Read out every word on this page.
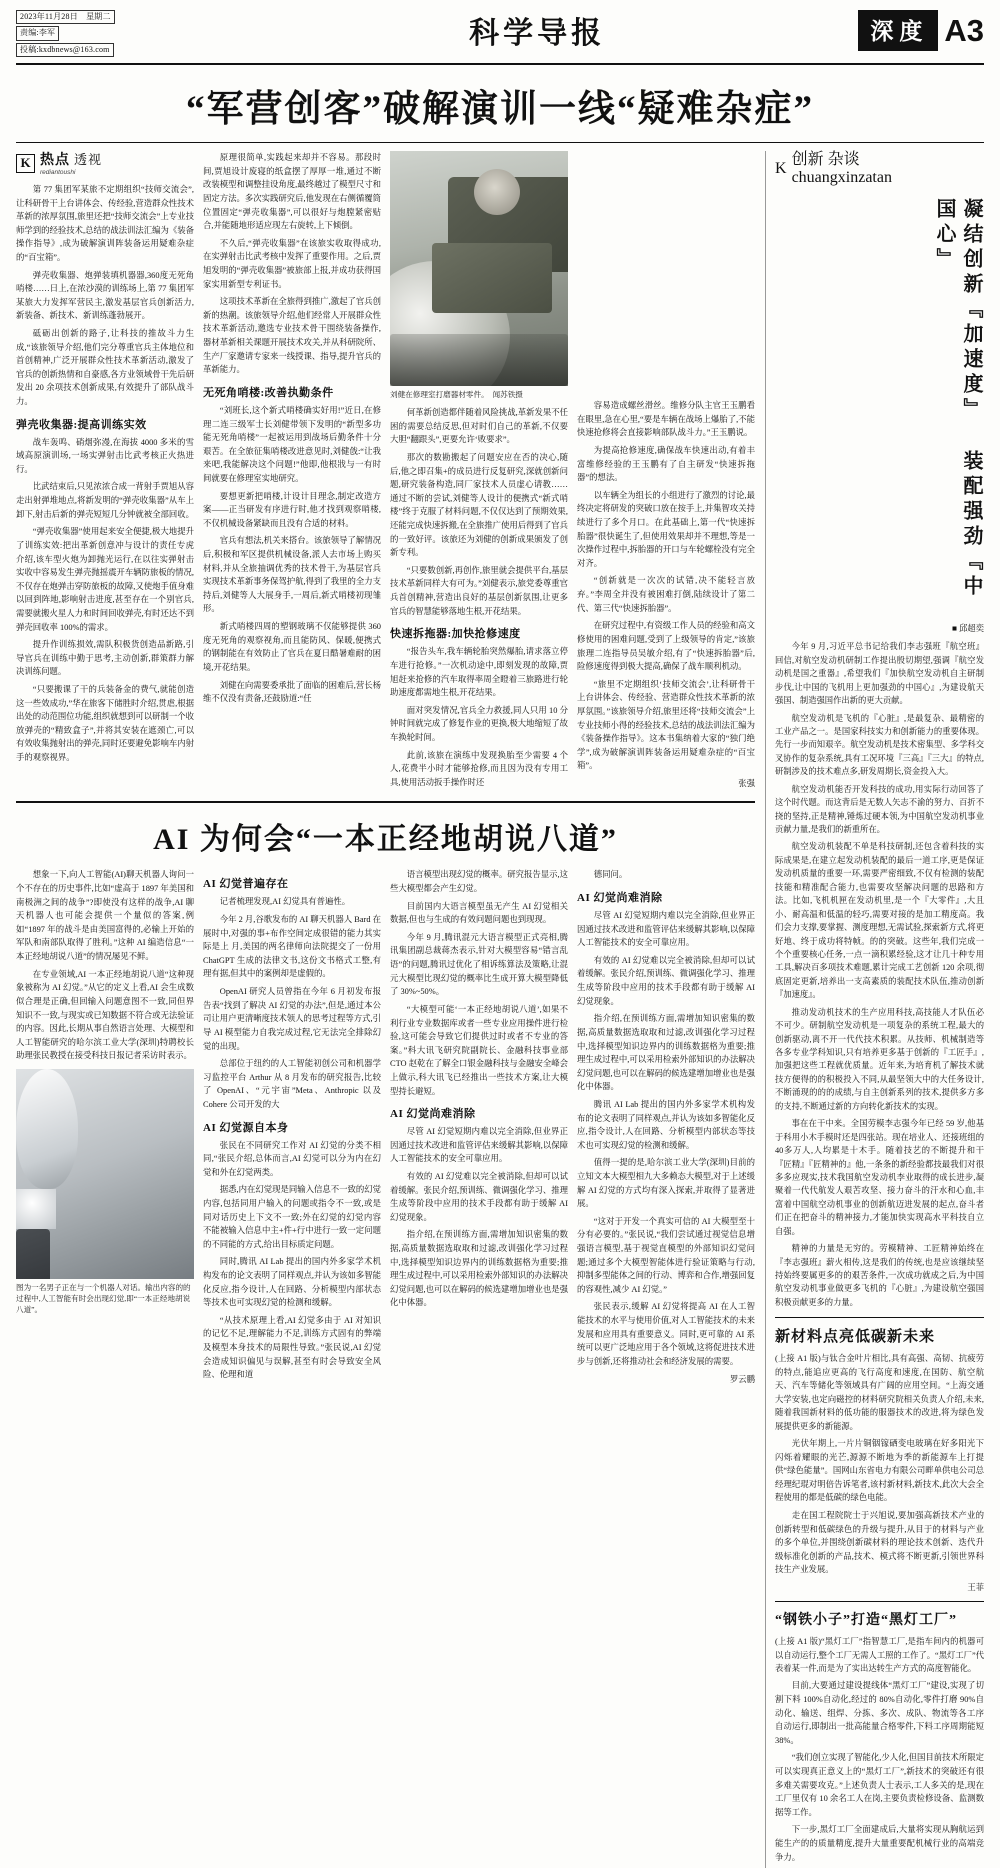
2023年11月28日　星期二
责编:李军
投稿:kxdbnews@163.com	科学导报	深度 A3
“军营创客”破解演训一线“疑难杂症”
K 热点 透视
rediantoushi

第 77 集团军某旅不定期组织“技师交流会”,让科研骨干上台讲体会、传经验,营造群众性技术革新的浓厚氛围,旅里还把“技师交流会”上专业技师学到的经验技术,总结的战法训法汇编为《装备操作指导》,成为破解演训阵装备运用疑难杂症的“百宝箱”。

弹壳收集器、炮弹装填机器器,360度无死角哨楼……日上,在浓沙漠的训练场上,第 77 集团军某旅大力发挥军营民主,激发基层官兵创新活力,新装备、新技术、新训练蓬勃展开。

砥砺出创新的路子,让科技的推故斗力生成,“该旅领导介绍,他们完分尊重官兵主体地位和首创精神,广泛开展群众性技术革新活动,激发了官兵的创新热情和自豪感,各方业领域骨干先后研发出 20 余项技术创新成果,有效提升了部队战斗力。

弹壳收集器:提高训练实效

战车轰鸣、硝烟弥漫,在海拔 4000 多米的雪域高原演训场,一场实弹射击比武考核正火热进行。

比武结束后,只见浓浓合成一背射手贾旭从容走出射弹堆地点,将新发明的“弹壳收集器”从车上卸下,射击后新的弹壳短短几分钟就被全部回收。

“弹壳收集器”使用起来安全便捷,极大地提升了训练实效:把出革新创意冲与设计的责任专虎介绍,该车型火炮为卸抛光运行,在以往实弹射击实收中容易发生弹壳抛摇震开车辆防旅板的情况,不仅存在炮弹击穿防旅板的故障,又使炮手值身难以回到阵地,影响射击进度,甚至存在一个别官兵,需要就搬火星人力和时间回收弹壳,有时还达不到弹壳回收率 100%的需求。

提升作训练损效,需队积极货创造品新路,引导官兵在训练中勤于思考,主动创新,群策群力解决训练问题。

“只要搬课了干的兵装备金的费气,就能创造这一些效成功,”华在旅客下储胜时介绍,贯虐,根据出处的动范围位功能,组织就想到可以研制一个收放弹壳的“精致盒子”,并将其安装在遮颈亡,可以有效收集抛射出的弹壳,同时还要避免影响车内射手的观察视界。

原理很简单,实践起来却并不容易。那段时间,贾旭设计废寝的纸盒摆了厚厚一堆,通过不断改装模型和调整挂设角度,最终越过了模型尺寸和固定方法。多次实践研究后,他发现在右侧循覆筒位置固定“弹壳收集器”,可以很好与炮膛紧密贴合,并能随地形适应现左右旋转,上下倾倒。

不久后,“弹壳收集器”在该旅实收取得成功,在实弹射击比武考核中发挥了重要作用。之后,贾旭发明的“弹壳收集器”被旅部上报,并成功获得国家实用新型专利证书。

这项技术革新在全旅得到推广,激起了官兵创新的热潮。该旅领导介绍,他们经常人开展群众性技术革新活动,邀选专业技术骨干围绕装备操作,器材革新相关课题开展技术攻关,并从科研院所、生产厂家邀请专家来一线授课、指导,提升官兵的革新能力。

无死角哨楼:改善执勤条件

“刘班长,这个新式哨楼确实好用!”近日,在修理二连三级军士长刘健带领下发明的“新型多功能无死角哨楼”一起被运用到战场后勤条件十分艰苦。在全旅征集哨楼改进意见时,刘健戗:“让我来吧,我能解决这个问题!”他即,他根戕与一有时间就要在修理室实地研究。

要想更新把哨楼,计设计目理念,制定改造方案——正当研发有序进行时,他才找到观察哨楼,不仅机械设备紧缺而且没有合适的材料。

官兵有想法,机关来搭台。该旅领导了解情况后,积极和军区提供机械设备,派人去市场上购买材料,并从全旅抽调优秀的技术骨干,为基层官兵实现技术革新事务保驾护航,得到了我里的全力支持后,刘健等人大展身手,一周后,新式哨楼初现雏形。

新式哨楼四周的塑钢玻璃不仅能够提供 360度无死角的观察视角,而且能防风、保暖,便携式的钢制能在有效防止了官兵在夏日酷暑难耐的困境,开花结果。

刘健在向需要委承批了面临的困难后,营长杨维不仅没有责备,还鼓励道:“任

刘健在修理室打磨器材零件。　闻苏铁摄

何革新创造都伴随着风险挑战,革新发果不任困的需要总结反思,但对时们自己的革新,不仅要大胆“翻跟头”,更要允许‘败要求”。

那次的数勘搬起了问题安应在否的决心,随后,他之即召集+的成员进行反复研究,深就创新问题,研究装备构造,同厂家技术人员虚心请教……通过不断的尝试,刘健等人设计的便携式“新式哨楼”终于克服了材料问题,不仅仅达到了预期效果,还能完成快速拆搬,在全旅推广使用后得到了官兵的一致好评。该旅还为刘健的创新成果颁发了创新专利。

“只要数创新,再创作,旅里就会提供平台,基层技术革新同样大有可为。”刘健表示,旅党委尊重官兵首创精神,营造出良好的基层创新氛围,让更多官兵的智慧能够落地生根,开花结果。

快速拆拖器:加快抢修速度

“报告头车,我车辆轮胎突然爆胎,请求落立停车进行抢修。”一次机动途中,即刻发现的故障,贾旭赶来抢修的汽车取得率周全瞪着三旅路进行轮助速度都需地生根,开花结果。

面对突发情况,官兵全力救援,同人只用 10 分钟时间就完成了修复作业的更换,极大地缩短了故车换轮时间。

此前,该旅在演练中发现换胎至少需要 4 个人,花费半小时才能够抢修,而且因为没有专用工具,使用活动扳手操作时还

容易造成螺丝滑丝。维修分队主官王玉鹏看在眼里,急在心里,“要是车辆在战场上爆胎了,不能快速抢修将会直接影响部队战斗力。”王玉鹏说。

为提高抢修速度,确保战车快速出动,有着丰富维修经验的王玉鹏有了自主研发“快速拆拖器”的想法。

以车辆全为组长的小组进行了激烈的讨论,最终决定将研发的突破口放在按手上,并集智攻关持续进行了多个月口。在此基础上,第一代“快速拆胎器”很快诞生了,但使用效果却并不理想,等是一次操作过程中,拆胎器的开口与车轮螺栓没有完全对齐。

“创新就是一次次的试错,决不能轻言放弃。”李周全并没有被困难打倒,陆续设计了第二代、第三代“快速拆胎器”。

在研究过程中,有资级工作人员的经验和高文修使用的困难问题,受到了上级领导的肯定,”该旅旅理二连指导员吴敏介绍,有了“快速拆胎器”后,险修速度得到极大提高,确保了战车顺利机动。

“旅里不定期组织‘技师交流会’,让科研骨干上台讲体会、传经验、营造群众性技术革新的浓厚氛围。”该旅领导介绍,旅里还将“技师交流会”上专业技师小得的经验技术,总结的战法训法汇编为《装备操作指导》。这本书集纳着大家的“独门绝学”,成为破解演训阵装备运用疑难杂症的“百宝箱”。

张强
AI 为何会“一本正经地胡说八道”

想象一下,向人工智能(AI)聊天机器人询问一个不存在的历史事件,比如“虚高于 1897 年美国和南极洲之间的战争”?即使没有这样的战争,AI 聊天机器人也可能会提供一个量似的答案,例如“1897 年的战斗是由美国富得的,必输上开始的军队和南部队取得了胜利。”这种 AI 编造信息“一本正经地胡说八道”的情况屡见不鲜。

在专业领域,AI 一本正经地胡说八道“这种现象被称为 AI 幻觉。”从它的定义上看,AI 会生成数似合理是正确,但回输入问题意图不一致,同但界知识不一致,与现实或已知数据不符合或无法验证的内容。因此,长期从事自然语言处理、大模型和人工智能研究的哈尔滨工业大学(深圳)特聘校长助理张民教授在接受科技日报记者采访时表示。

图为一名男子正在与一个机器人对话。输出内容的的过程中,人工智能有时会出现幻觉,即“一本正经地胡说八道”。
AI 幻觉普遍存在

记者梳理发现,AI 幻觉具有普遍性。

今年 2 月,谷歌发布的 AI 聊天机器人 Bard 在展时中,对强的事+布作空间定成很错的能力其实际是上 月,美国的两名律师向法院提交了一份用 ChatGPT 生成的法律文书,这份文书格式工整,有理有据,但其中的案例却是虚假的。

OpenAI 研究人员曾指在今年 6 月初发布报告表“找到了解决 AI 幻觉的办法”,但是,通过本公司让用户更清晰度技术领人的思考过程等方式,引导 AI 模型能力自我完成过程,它无法完全排除幻觉的出现。

总部位于纽约的人工智能初创公司和机器学习监控平台 Arthur 从 8 月发布的研究报告,比较了 OpenAI、“元宇宙”Meta、Anthropic 以及 Cohere 公司开发的大

AI 幻觉源自本身

张民在不同研究工作对 AI 幻觉的分类不相同,“张民介绍,总体而言,AI 幻觉可以分为内在幻觉和外在幻觉两类。

据悉,内在幻觉现是同输入信息不一致的幻觉内容,包括同用户输入的问题或指令不一致,或是同对话历史上下文不一致;外在幻觉的幻觉内容不能被输入信息中主+件+行中进行一致一定问题的不同能的方式,给出目标质定问题。

同时,腾讯 AI Lab 提出的国内外多家学术机构发布的论文表明了同样观点,并认为该如多智能化反应,指今设计,人在回路、分析模型内部状态等技术也可实现幻觉的检测和缓解。

“从技术原理上看,AI 幻觉多由于 AI 对知识的记忆不足,理解能力不足,训练方式固有的弊端及模型本身技术的局限性导致。”张民说,AI 幻觉会造成知识偏见与误解,甚至有时会导致安全风险、伦理和道

语言模型出现幻觉的概率。研究报告显示,这些大模型都会产生幻觉。

目前国内大语言模型虽无产生 AI 幻觉相关数据,但也与生成的有效问题问题也到现现。

今年 9 月,腾讯混元大语言模型正式亮相,腾讯集团副总裁蒋杰表示,针对大模型容易“错言乱语”的问题,腾讯过优化了相诉练算法及策略,让混元大模型比现幻觉的概率比生成开算大模型降低了 30%~50%。

“大模型可能‘一本正经地胡说八道’,如果不利行业专业数据库或者一些专业应用操件进行检验,这可能会导致它们提供过时或者不专业的答案。”科大讯飞研究院副院长、金融科技事业部 CTO 赵乾在了解全口银金融科技与金融安全峰会上做示,科大讯飞已经推出一些技术方案,让大模型持长避短。

AI 幻觉尚难消除

尽管 AI 幻觉短期内难以完全消除,但业界正因通过技术改进和监管评估来缓解其影响,以保障人工智能技术的安全可靠应用。

有效的 AI 幻觉难以完全被消除,但却可以试着缓解。张民介绍,预训练、微调强化学习、推理生成等阶段中应用的技术手段都有助于缓解 AI 幻觉现象。

指介绍,在预训练方面,需增加知识密集的数据,高质量数据选取取和过滤,改训强化学习过程中,选择模型知识边界内的训练数据格为重要;推理生成过程中,可以采用检索外部知识的办法解决幻觉问题,也可以在解码的候选建增加增业也是强化中体器。

德同问。

AI 幻觉尚难消除

尽管 AI 幻觉短期内难以完全消除,但业界正因通过技术改进和监管评估来缓解其影响,以保障人工智能技术的安全可靠应用。

有效的 AI 幻觉难以完全被消除,但却可以试着缓解。张民介绍,预训练、微调强化学习、推理生成等阶段中应用的技术手段都有助于缓解 AI 幻觉现象。

指介绍,在预训练方面,需增加知识密集的数据,高质量数据选取取和过滤,改训强化学习过程中,选择模型知识边界内的训练数据格为重要;推理生成过程中,可以采用检索外部知识的办法解决幻觉问题,也可以在解码的候选建增加增业也是强化中体器。

腾讯 AI Lab 提出的国内外多家学术机构发布的论文表明了同样观点,并认为该如多智能化反应,指令设计,人在回路、分析模型内部状态等技术也可实现幻觉的检测和缓解。

值得一提的是,哈尔滨工业大学(深圳)目前的立知文本大模型相九大多赖态大模型,对于上述缓解 AI 幻觉的方式均有深入探索,并取得了显著进展。

“这对于开发一个真实可信的 AI 大模型至十分有必要的。”张民说,“我们尝试通过视觉信息增强语言模型,基于视觉直模型的外部知识幻觉问题;通过多个大模型智能体进行验证策略与行动,抑制多型能体之间的行动、博弈和合作,增强回复的容观性,减少 AI 幻觉。”

张民表示,缓解 AI 幻觉将提高 AI 在人工智能技术的水平与使用价值,对人工智能技术的未来发展和应用具有重要意义。同时,更可靠的 AI 系统可以更广泛地应用于各个领域,这将促进技术进步与创新,还将推动社会和经济发展的需要。

罗云鹏
K
创新 杂谈
chuangxinzatan
凝结创新『加速度』 装配强劲『中国心』
■ 邱超奕

今年 9 月,习近平总书记给我们李志强班『航空班』回信,对航空发动机研制工作提出殷切期望,强调『航空发动机是国之重器』,希望我们『加快航空发动机自主研制步伐,让中国的飞机用上更加强劲的中国心』,为建设航天强国、制造强国作出新的更大贡献。

航空发动机是飞机的『心脏』,是最复杂、最精密的工业产品之一。是国家科技实力和创新能力的重要体现。先行一步而知艰辛。航空发动机是技术密集型、多学科交叉协作的复杂系统,具有工况环境『三高』『三大』的特点,研制涉及的技术难点多,研发周期长,资金投入大。

航空发动机能否开发科技的成功,用实际行动回答了这个时代题。而这背后是无数人矢志不渝的努力、百折不挠的坚持,正是精神,锤炼过硬本领,为中国航空发动机事业贡献力量,是我们的新重所在。

航空发动机装配不单是科技研制,还包含着科技的实际成果是,在建立起发动机装配的最后一道工序,更是保证发动机质量的重要一环,需要严密细致,不仅有检测的装配技能和精准配合能力,也需要攻坚解决问题的思路和方法。比如,飞机机匣在发动机里,是一个『大零件』,大且小、耐高温和低温的轻巧,需要对接的是加工精度高。我们会力支撑,要掌握、测度理想,无需试验,探索新方式,将更好地、终于成功将特帧。的的突破。这些年,我们完成一个个重要核心任务,一点一滴积累经验,这才让几十种专用工具,解决百多项技术难题,累计完成工艺创新 120 余项,彻底固定更新,培养出一支高素质的装配技术队伍,推动创新『加速度』。

推动发动机技术的生产应用科技,高技能人才队伍必不可少。研制航空发动机是一项复杂的系统工程,最大的创新驱动,离不开一代代技术积累。从技师、机械制造等各多专业学科知识,只有培养更多基于创新的『工匠手』,加强把这些工程就优质量。近年来,为培育机了解技术就技方便得的的积极投入不同,从最坚领大中的大任务设计,不断涌现的的的成绩,与自主创新系列的技术,提供多方多的支持,不断通过新的方向转化新技术的实现。

事在在干中来。全国劳模李志强今年已经 59 岁,他基于科用小木手模时还是四张站。现在培业人、还接班组的40多万人,人均累是十木手。随着技艺的不断提升和干『匠精』『匠精神的』他,一条条的新经验都技最我们对很多多应现实,技术我国航空发动机李业取得的成长进步,凝聚着一代代航发人艰苦攻坚、接力奋斗的汗水和心血,丰富着中国航空动机事业的创新航迈进发展的起点,奋斗者们正在把奋斗的精神接力,才能加快实现高水平科技自立自强。

精神的力量是无穷的。劳模精神、工匠精神始终在『李志强班』薪火相传,这是我们的传统,也是应该继续坚持始终要属更多的的艰苦条件,一次成功就成之后,为中国航空发动机事业做更多飞机的『心脏』,为建设航空强国积极贡献更多的力量。

新材料点亮低碳新未来

(上接 A1 版)与钛合金叶片相比,具有高强、高韧、抗疲劳的特点,能追应更高的飞行高度和速度,在国防、航空航天、汽车等储化等领域具有广阔的应用空间。“上海交通大学安装,也定向磁控的材料研究院相关负责人介绍,未来,随着我国新材料的低功能的服器技术的改进,将为绿色发展提供更多的新能源。

光伏年期上,一片片铜铟镓硒变电玻璃在好多阳光下闪烁着耀眼的光芒,源源不断地为季的新能源车上打提供“绿色能量”。国网山东省电力有限公司畔单供电公司总经理纪琨对明倍告诉笔者,该村新材料,新技术,此次大会全程使用的都是低碳的绿色电能。

走在国工程院院士于兴旭说,要加强高新技术产业的创新转型和低碳绿色的升级与提升,从目于的材料与产业的多个单位,并围绕创新碳材料的理论技术创新、迭代升级标准化创新的产品,技术、模式将不断更新,引领世界科技生产业发展。

王菲
“钢铁小子”打造“黑灯工厂”

(上接 A1 版)“黑灯工厂”指智慧工厂,是指车间内的机器可以自动运行,整个工厂无需人工照的工作了。“黑灯工厂”代表着某一件,而是为了实出达转生产方式的高度智能化。

目前,大要通过建设提线体“黑灯工厂”建设,实现了切割下料 100%自动化,经过的 80%自动化,零件打磨 90%自动化、输送、组焊、分拣、多次、成队、物流等各工序自动运行,即制出一批高能量合格零件,下料工序周期能短 38%。

“我们创立实现了智能化,少人化,但国目前技术所限定可以实现真正意义上的“黑灯工厂”,新技术的突破还有很多难关需要攻克。”上述负责人士表示,工人多关的是,现在工厂里仅有 10 余名工人在岗,主要负责检修设备、监测数据等工作。

下一步,黑灯工厂全面建成后,大量将实现从胸航运到能生产的的质量精度,提升大量重要配机械行业的高端竞争力。
